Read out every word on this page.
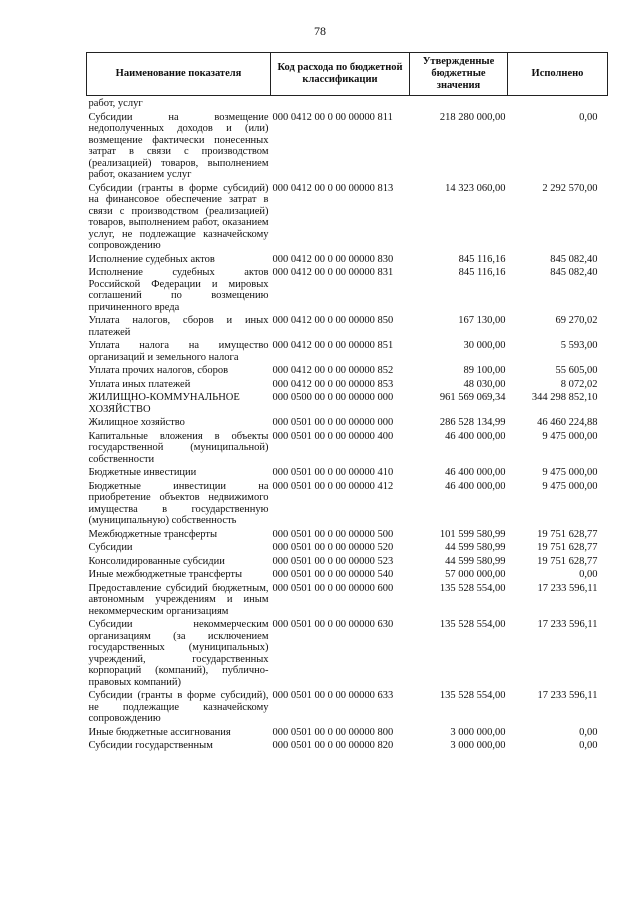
78
Наименование показателя	Код расхода по бюджетной классификации	Утвержденные бюджетные значения	Исполнено
работ, услуг			
Субсидии на возмещение недополученных доходов и (или) возмещение фактически понесенных затрат в связи с производством (реализацией) товаров, выполнением работ, оказанием услуг	000 0412 00 0 00 00000 811	218 280 000,00	0,00
Субсидии (гранты в форме субсидий) на финансовое обеспечение затрат в связи с производством (реализацией) товаров, выполнением работ, оказанием услуг, не подлежащие казначейскому сопровождению	000 0412 00 0 00 00000 813	14 323 060,00	2 292 570,00
Исполнение судебных актов	000 0412 00 0 00 00000 830	845 116,16	845 082,40
Исполнение судебных актов Российской Федерации и мировых соглашений по возмещению причиненного вреда	000 0412 00 0 00 00000 831	845 116,16	845 082,40
Уплата налогов, сборов и иных платежей	000 0412 00 0 00 00000 850	167 130,00	69 270,02
Уплата налога на имущество организаций и земельного налога	000 0412 00 0 00 00000 851	30 000,00	5 593,00
Уплата прочих налогов, сборов	000 0412 00 0 00 00000 852	89 100,00	55 605,00
Уплата иных платежей	000 0412 00 0 00 00000 853	48 030,00	8 072,02
ЖИЛИЩНО-КОММУНАЛЬНОЕ ХОЗЯЙСТВО	000 0500 00 0 00 00000 000	961 569 069,34	344 298 852,10
Жилищное хозяйство	000 0501 00 0 00 00000 000	286 528 134,99	46 460 224,88
Капитальные вложения в объекты государственной (муниципальной) собственности	000 0501 00 0 00 00000 400	46 400 000,00	9 475 000,00
Бюджетные инвестиции	000 0501 00 0 00 00000 410	46 400 000,00	9 475 000,00
Бюджетные инвестиции на приобретение объектов недвижимого имущества в государственную (муниципальную) собственность	000 0501 00 0 00 00000 412	46 400 000,00	9 475 000,00
Межбюджетные трансферты	000 0501 00 0 00 00000 500	101 599 580,99	19 751 628,77
Субсидии	000 0501 00 0 00 00000 520	44 599 580,99	19 751 628,77
Консолидированные субсидии	000 0501 00 0 00 00000 523	44 599 580,99	19 751 628,77
Иные межбюджетные трансферты	000 0501 00 0 00 00000 540	57 000 000,00	0,00
Предоставление субсидий бюджетным, автономным учреждениям и иным некоммерческим организациям	000 0501 00 0 00 00000 600	135 528 554,00	17 233 596,11
Субсидии некоммерческим организациям (за исключением государственных (муниципальных) учреждений, государственных корпораций (компаний), публично-правовых компаний)	000 0501 00 0 00 00000 630	135 528 554,00	17 233 596,11
Субсидии (гранты в форме субсидий), не подлежащие казначейскому сопровождению	000 0501 00 0 00 00000 633	135 528 554,00	17 233 596,11
Иные бюджетные ассигнования	000 0501 00 0 00 00000 800	3 000 000,00	0,00
Субсидии государственным	000 0501 00 0 00 00000 820	3 000 000,00	0,00
